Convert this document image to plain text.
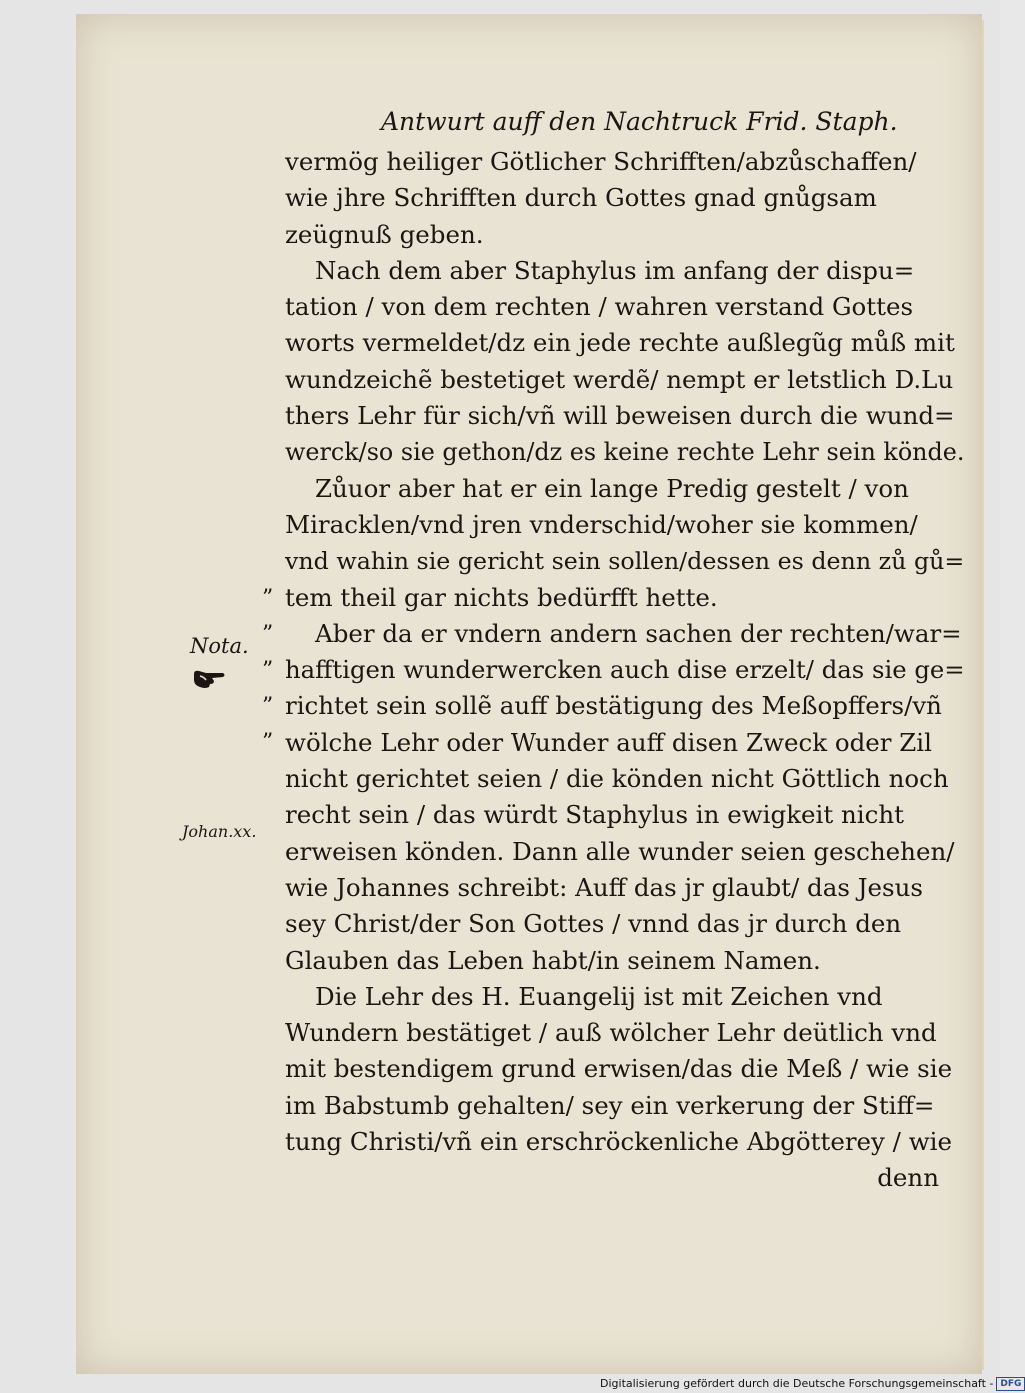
Antwurt auff den Nachtruck Frid. Staph.
vermög heiliger Götlicher Schrifften/abzůschaffen/
wie jhre Schrifften durch Gottes gnad gnůgsam
zeügnuß geben.
Nach dem aber Staphylus im anfang der dispu=
tation / von dem rechten / wahren verstand Gottes
worts vermeldet/dz ein jede rechte außlegũg můß mit
wundzeichẽ bestetiget werdẽ/ nempt er letstlich D.Lu
thers Lehr für sich/vñ will beweisen durch die wund=
werck/so sie gethon/dz es keine rechte Lehr sein könde.
Zůuor aber hat er ein lange Predig gestelt / von
Miracklen/vnd jren vnderschid/woher sie kommen/
vnd wahin sie gericht sein sollen/dessen es denn zů gů=
tem theil gar nichts bedürfft hette.
Aber da er vndern andern sachen der rechten/war=
hafftigen wunderwercken auch dise erzelt/ das sie ge=
richtet sein sollẽ auff bestätigung des Meßopffers/vñ
wölche Lehr oder Wunder auff disen Zweck oder Zil
nicht gerichtet seien / die könden nicht Göttlich noch
recht sein / das würdt Staphylus in ewigkeit nicht
erweisen könden. Dann alle wunder seien geschehen/
wie Johannes schreibt: Auff das jr glaubt/ das Jesus
sey Christ/der Son Gottes / vnnd das jr durch den
Glauben das Leben habt/in seinem Namen.
Die Lehr des H. Euangelij ist mit Zeichen vnd
Wundern bestätiget / auß wölcher Lehr deütlich vnd
mit bestendigem grund erwisen/das die Meß / wie sie
im Babstumb gehalten/ sey ein verkerung der Stiff=
tung Christi/vñ ein erschröckenliche Abgötterey / wie
denn
”
”
”
”
”
Nota.
Johan.xx.
Digitalisierung gefördert durch die Deutsche Forschungsgemeinschaft - DFG
